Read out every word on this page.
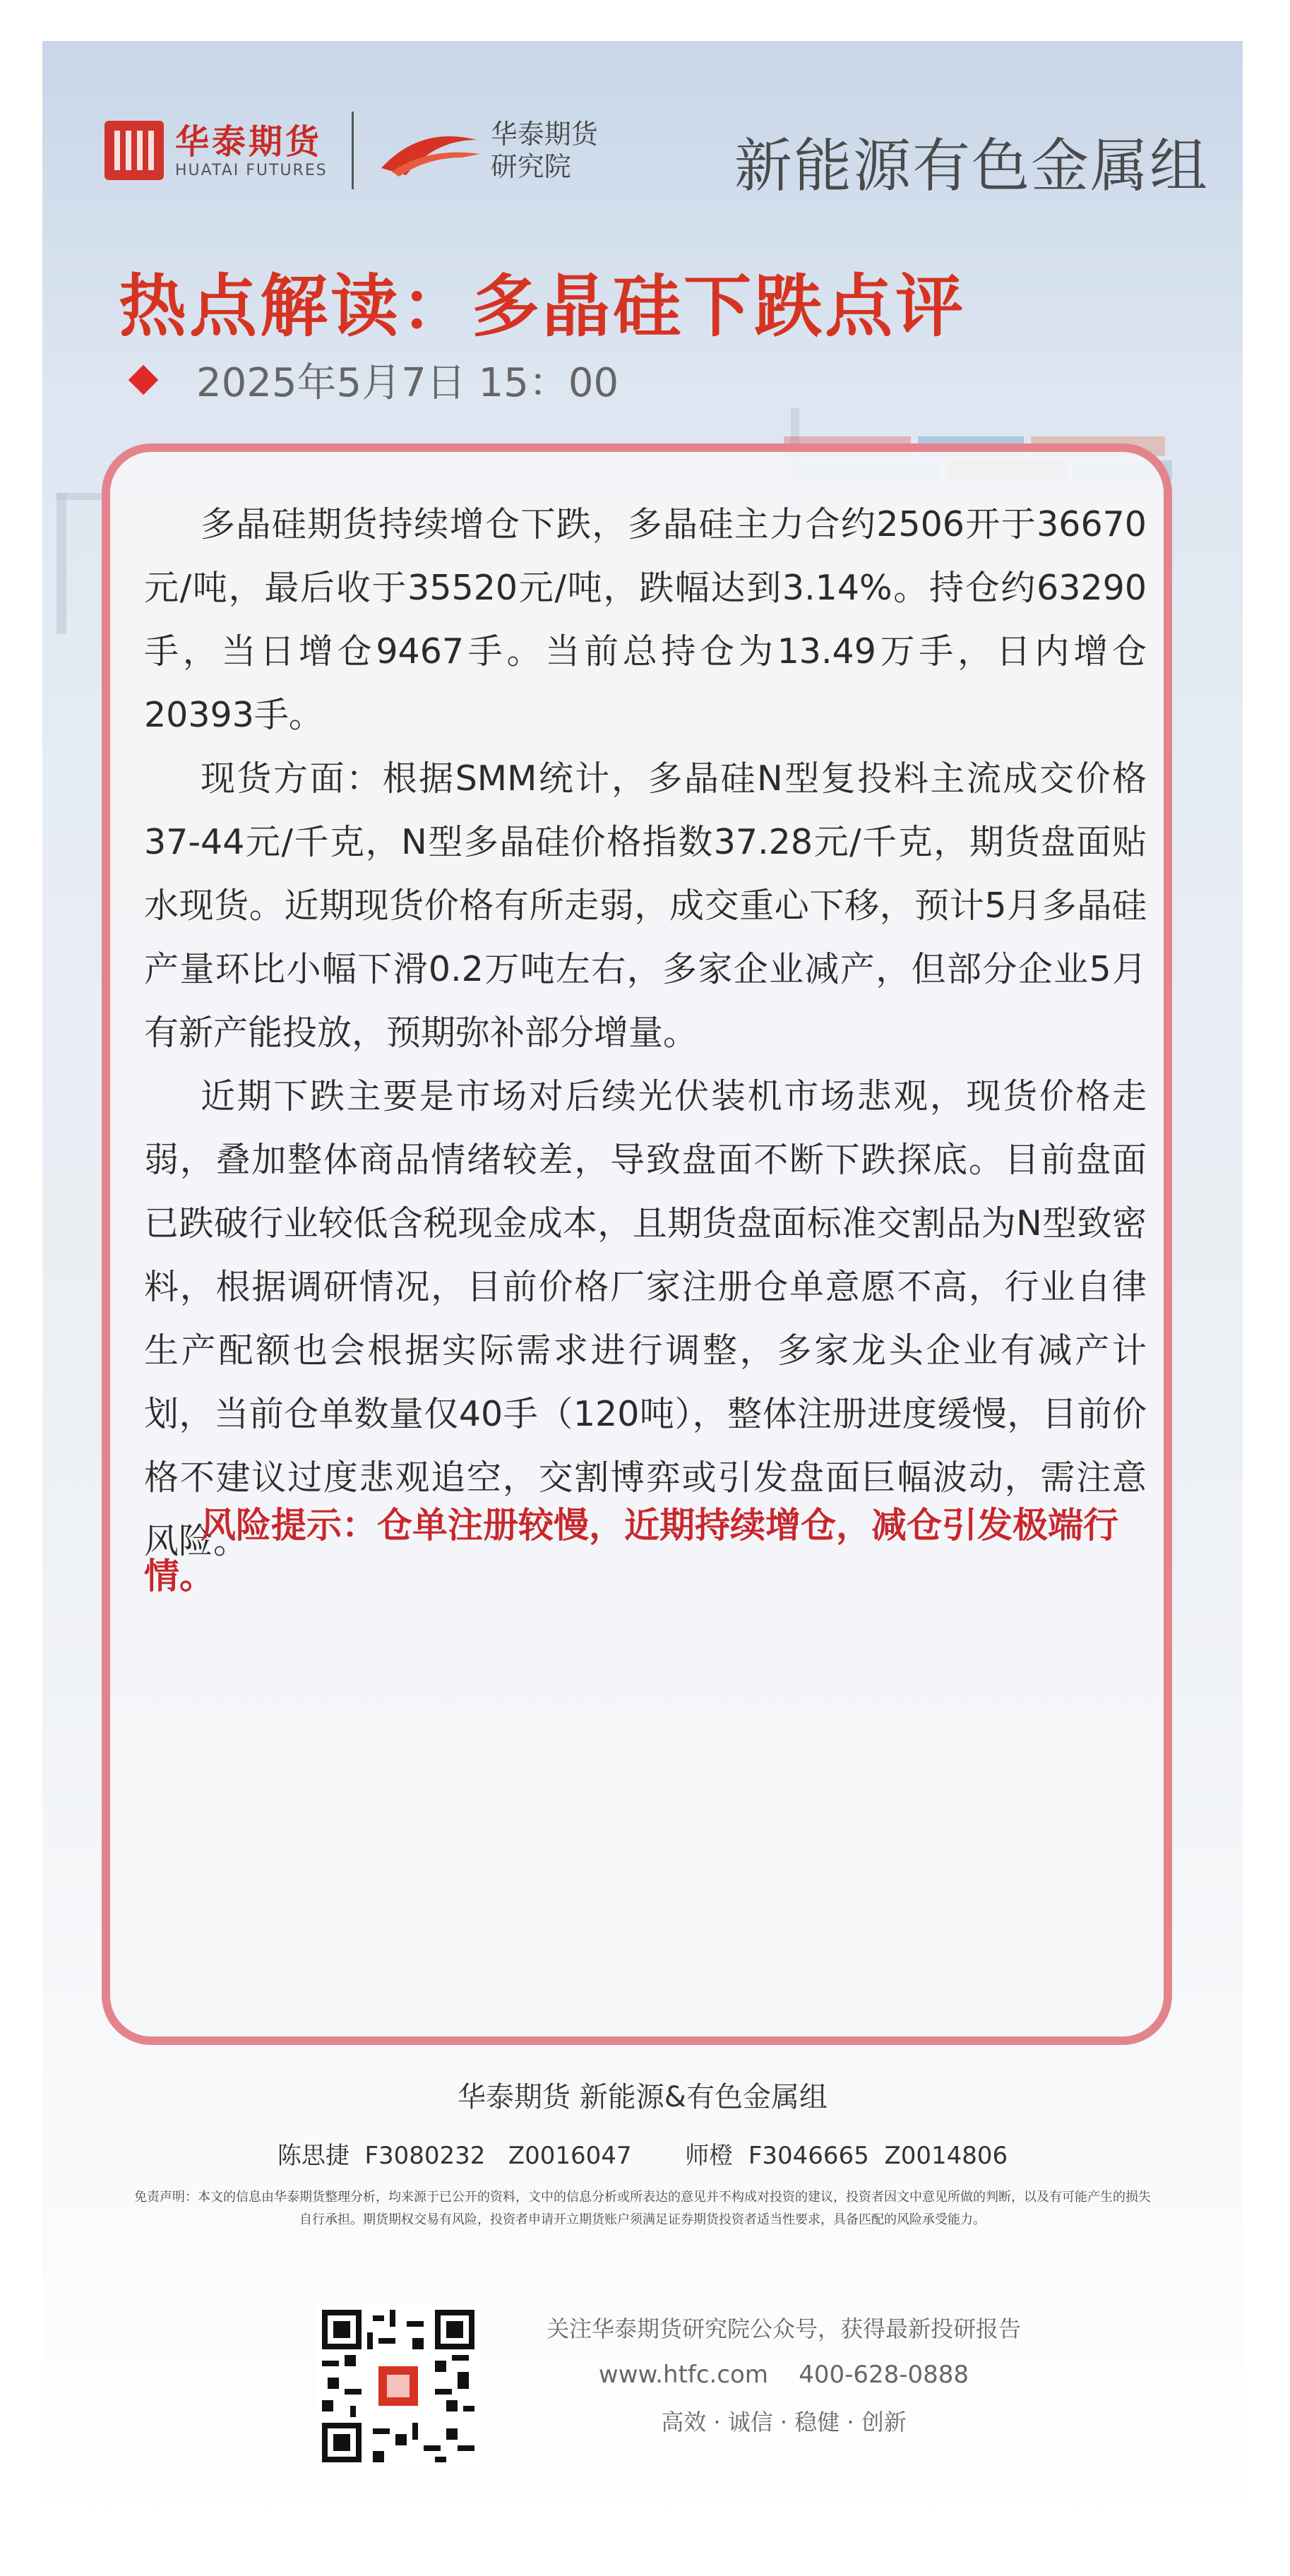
华泰期货
HUATAI FUTURES
华泰期货
研究院	新能源有色金属组
热点解读：多晶硅下跌点评
2025年5月7日 15：00

多晶硅期货持续增仓下跌，多晶硅主力合约2506开于36670元/吨，最后收于35520元/吨，跌幅达到3.14%。持仓约63290手，当日增仓9467手。当前总持仓为13.49万手，日内增仓20393手。

现货方面：根据SMM统计，多晶硅N型复投料主流成交价格37-44元/千克，N型多晶硅价格指数37.28元/千克，期货盘面贴水现货。近期现货价格有所走弱，成交重心下移，预计5月多晶硅产量环比小幅下滑0.2万吨左右，多家企业减产，但部分企业5月有新产能投放，预期弥补部分增量。

近期下跌主要是市场对后续光伏装机市场悲观，现货价格走弱，叠加整体商品情绪较差，导致盘面不断下跌探底。目前盘面已跌破行业较低含税现金成本，且期货盘面标准交割品为N型致密料，根据调研情况，目前价格厂家注册仓单意愿不高，行业自律生产配额也会根据实际需求进行调整，多家龙头企业有减产计划，当前仓单数量仅40手（120吨），整体注册进度缓慢，目前价格不建议过度悲观追空，交割博弈或引发盘面巨幅波动，需注意风险。

风险提示：仓单注册较慢，近期持续增仓，减仓引发极端行情。
华泰期货 新能源&有色金属组
陈思捷  F3080232   Z0016047       师橙  F3046665  Z0014806
免责声明：本文的信息由华泰期货整理分析，均来源于已公开的资料，文中的信息分析或所表达的意见并不构成对投资的建议，投资者因文中意见所做的判断，以及有可能产生的损失自行承担。期货期权交易有风险，投资者申请开立期货账户须满足证券期货投资者适当性要求，具备匹配的风险承受能力。
关注华泰期货研究院公众号，获得最新投研报告
www.htfc.com    400-628-0888
高效 · 诚信 · 稳健 · 创新
